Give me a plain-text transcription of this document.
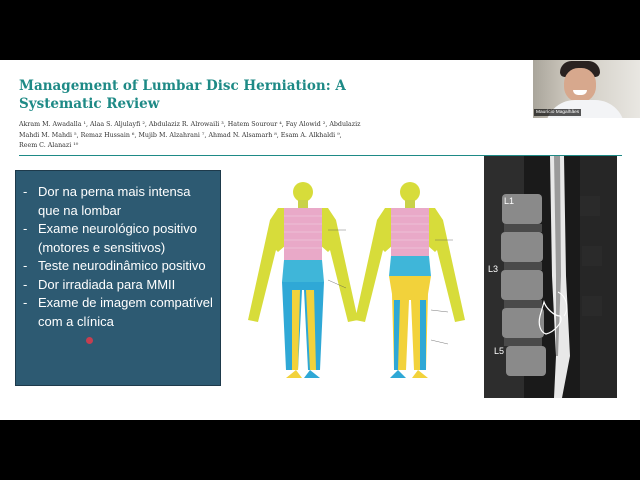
Management of Lumbar Disc Herniation: A
Systematic Review
Akram M. Awadalla ¹, Alaa S. Aljulayfi ², Abdulaziz R. Alrowaili ³, Hatem Sourour ⁴, Fay Alowid ², Abdulaziz
Mahdi M. Mahdi ⁵, Remaz Hussain ⁶, Mujib M. Alzahrani ⁷, Ahmad N. Alsamarh ⁸, Esam A. Alkhaldi ⁹,
Reem C. Alanazi ¹⁰
Maurício Magalhães
- Dor na perna mais intensa que na lombar
- Exame neurológico positivo (motores e sensitivos)
- Teste neurodinâmico positivo
- Dor irradiada para MMII
- Exame de imagem compatível com a clínica
L1
L3
L5
